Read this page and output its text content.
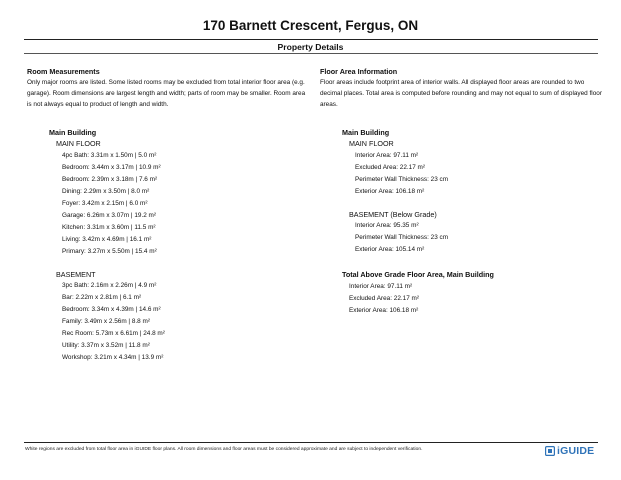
170 Barnett Crescent, Fergus, ON
Property Details
Room Measurements

Only major rooms are listed. Some listed rooms may be excluded from total interior floor area (e.g. garage). Room dimensions are largest length and width; parts of room may be smaller. Room area is not always equal to product of length and width.

Main Building
MAIN FLOOR
4pc Bath: 3.31m x 1.50m | 5.0 m²
Bedroom: 3.44m x 3.17m | 10.9 m²
Bedroom: 2.39m x 3.18m | 7.6 m²
Dining: 2.29m x 3.50m | 8.0 m²
Foyer: 3.42m x 2.15m | 6.0 m²
Garage: 6.26m x 3.07m | 19.2 m²
Kitchen: 3.31m x 3.60m | 11.5 m²
Living: 3.42m x 4.69m | 16.1 m²
Primary: 3.27m x 5.50m | 15.4 m²
BASEMENT
3pc Bath: 2.16m x 2.26m | 4.9 m²
Bar: 2.22m x 2.81m | 6.1 m²
Bedroom: 3.34m x 4.39m | 14.6 m²
Family: 3.49m x 2.56m | 8.8 m²
Rec Room: 5.73m x 6.61m | 24.8 m²
Utility: 3.37m x 3.52m | 11.8 m²
Workshop: 3.21m x 4.34m | 13.9 m²
Floor Area Information

Floor areas include footprint area of interior walls. All displayed floor areas are rounded to two decimal places. Total area is computed before rounding and may not equal to sum of displayed floor areas.

Main Building
MAIN FLOOR
Interior Area: 97.11 m²
Excluded Area: 22.17 m²
Perimeter Wall Thickness: 23 cm
Exterior Area: 106.18 m²
BASEMENT (Below Grade)
Interior Area: 95.35 m²
Perimeter Wall Thickness: 23 cm
Exterior Area: 105.14 m²
Total Above Grade Floor Area, Main Building
Interior Area: 97.11 m²
Excluded Area: 22.17 m²
Exterior Area: 106.18 m²
White regions are excluded from total floor area in iGUIDE floor plans. All room dimensions and floor areas must be considered approximate and are subject to independent verification.	iGUIDE
